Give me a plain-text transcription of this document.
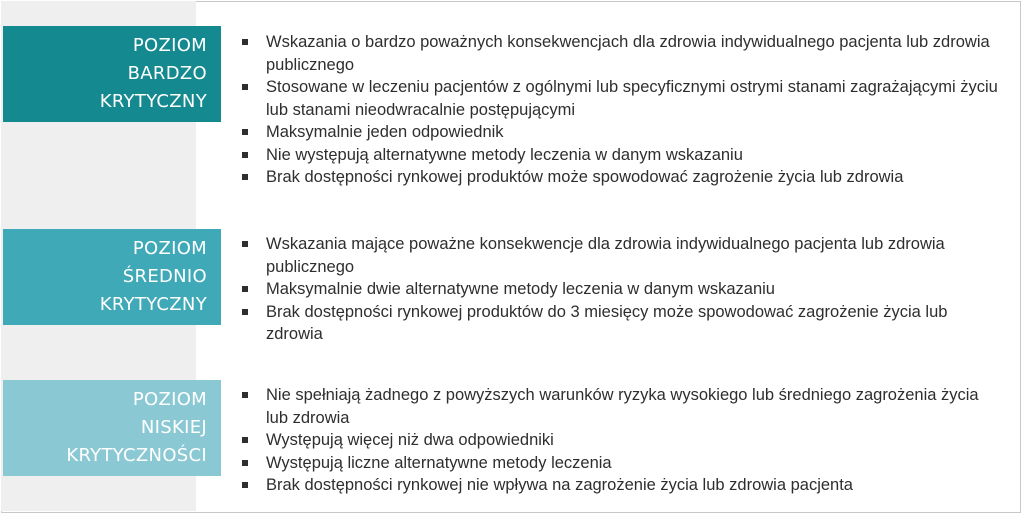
POZIOM
BARDZO
KRYTYCZNY
Wskazania o bardzo poważnych konsekwencjach dla zdrowia indywidualnego pacjenta lub zdrowia publicznego
Stosowane w leczeniu pacjentów z ogólnymi lub specyficznymi ostrymi stanami zagrażającymi życiu lub stanami nieodwracalnie postępującymi
Maksymalnie jeden odpowiednik
Nie występują alternatywne metody leczenia w danym wskazaniu
Brak dostępności rynkowej produktów może spowodować zagrożenie życia lub zdrowia
POZIOM
ŚREDNIO
KRYTYCZNY
Wskazania mające poważne konsekwencje dla zdrowia indywidualnego pacjenta lub zdrowia publicznego
Maksymalnie dwie alternatywne metody leczenia w danym wskazaniu
Brak dostępności rynkowej produktów do 3 miesięcy może spowodować zagrożenie życia lub zdrowia
POZIOM
NISKIEJ
KRYTYCZNOŚCI
Nie spełniają żadnego z powyższych warunków ryzyka wysokiego lub średniego zagrożenia życia lub zdrowia
Występują więcej niż dwa odpowiedniki
Występują liczne alternatywne metody leczenia
Brak dostępności rynkowej nie wpływa na zagrożenie życia lub zdrowia pacjenta
